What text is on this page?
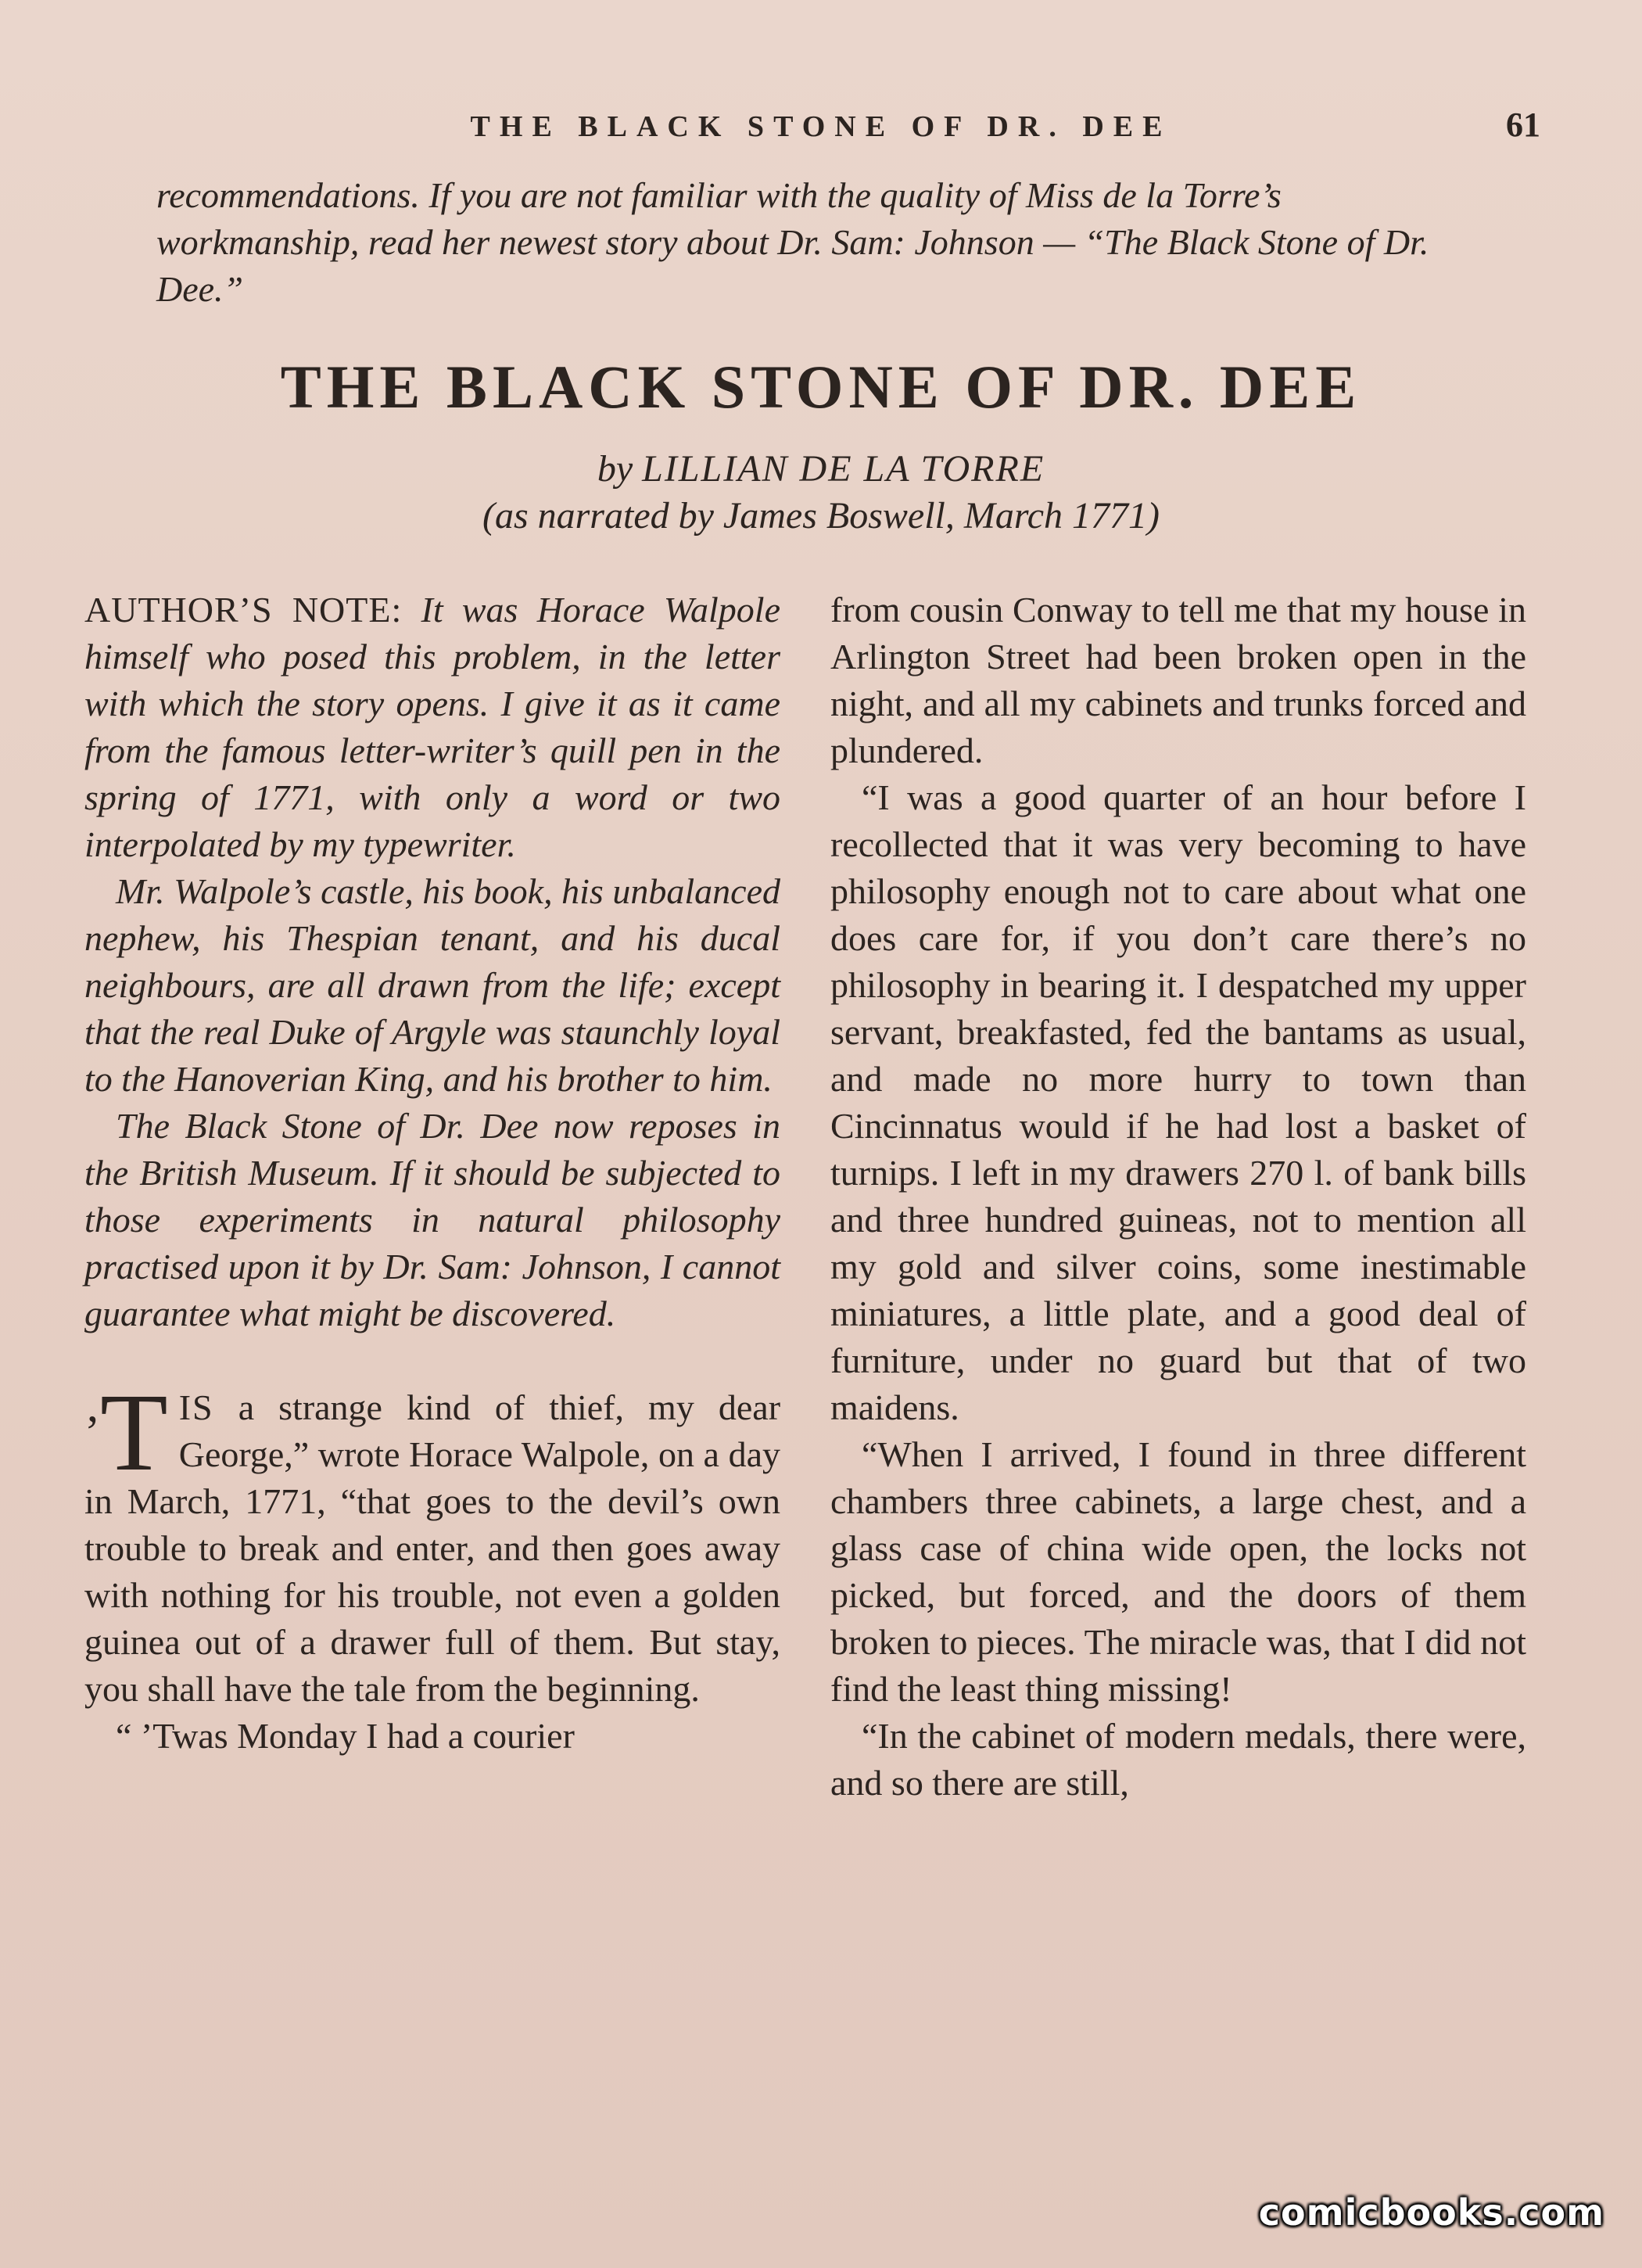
THE BLACK STONE OF DR. DEE	61
recommendations. If you are not familiar with the quality of Miss de la Torre’s workmanship, read her newest story about Dr. Sam: Johnson — “The Black Stone of Dr. Dee.”
THE BLACK STONE OF DR. DEE
by LILLIAN DE LA TORRE
(as narrated by James Boswell, March 1771)

AUTHOR’S NOTE: It was Horace Walpole himself who posed this problem, in the letter with which the story opens. I give it as it came from the famous letter-writer’s quill pen in the spring of 1771, with only a word or two interpolated by my typewriter.

Mr. Walpole’s castle, his book, his unbalanced nephew, his Thespian tenant, and his ducal neighbours, are all drawn from the life; except that the real Duke of Argyle was staunchly loyal to the Hanoverian King, and his brother to him.

The Black Stone of Dr. Dee now reposes in the British Museum. If it should be subjected to those experiments in natural philosophy practised upon it by Dr. Sam: Johnson, I cannot guarantee what might be discovered.

’T IS a strange kind of thief, my dear George,” wrote Horace Walpole, on a day in March, 1771, “that goes to the devil’s own trouble to break and enter, and then goes away with nothing for his trouble, not even a golden guinea out of a drawer full of them. But stay, you shall have the tale from the beginning.

“ ’Twas Monday I had a courier

from cousin Conway to tell me that my house in Arlington Street had been broken open in the night, and all my cabinets and trunks forced and plundered.

“I was a good quarter of an hour before I recollected that it was very becoming to have philosophy enough not to care about what one does care for, if you don’t care there’s no philosophy in bearing it. I despatched my upper servant, breakfasted, fed the bantams as usual, and made no more hurry to town than Cincinnatus would if he had lost a basket of turnips. I left in my drawers 270 l. of bank bills and three hundred guineas, not to mention all my gold and silver coins, some inestimable miniatures, a little plate, and a good deal of furniture, under no guard but that of two maidens.

“When I arrived, I found in three different chambers three cabinets, a large chest, and a glass case of china wide open, the locks not picked, but forced, and the doors of them broken to pieces. The miracle was, that I did not find the least thing missing!

“In the cabinet of modern medals, there were, and so there are still,

comicbooks.com
